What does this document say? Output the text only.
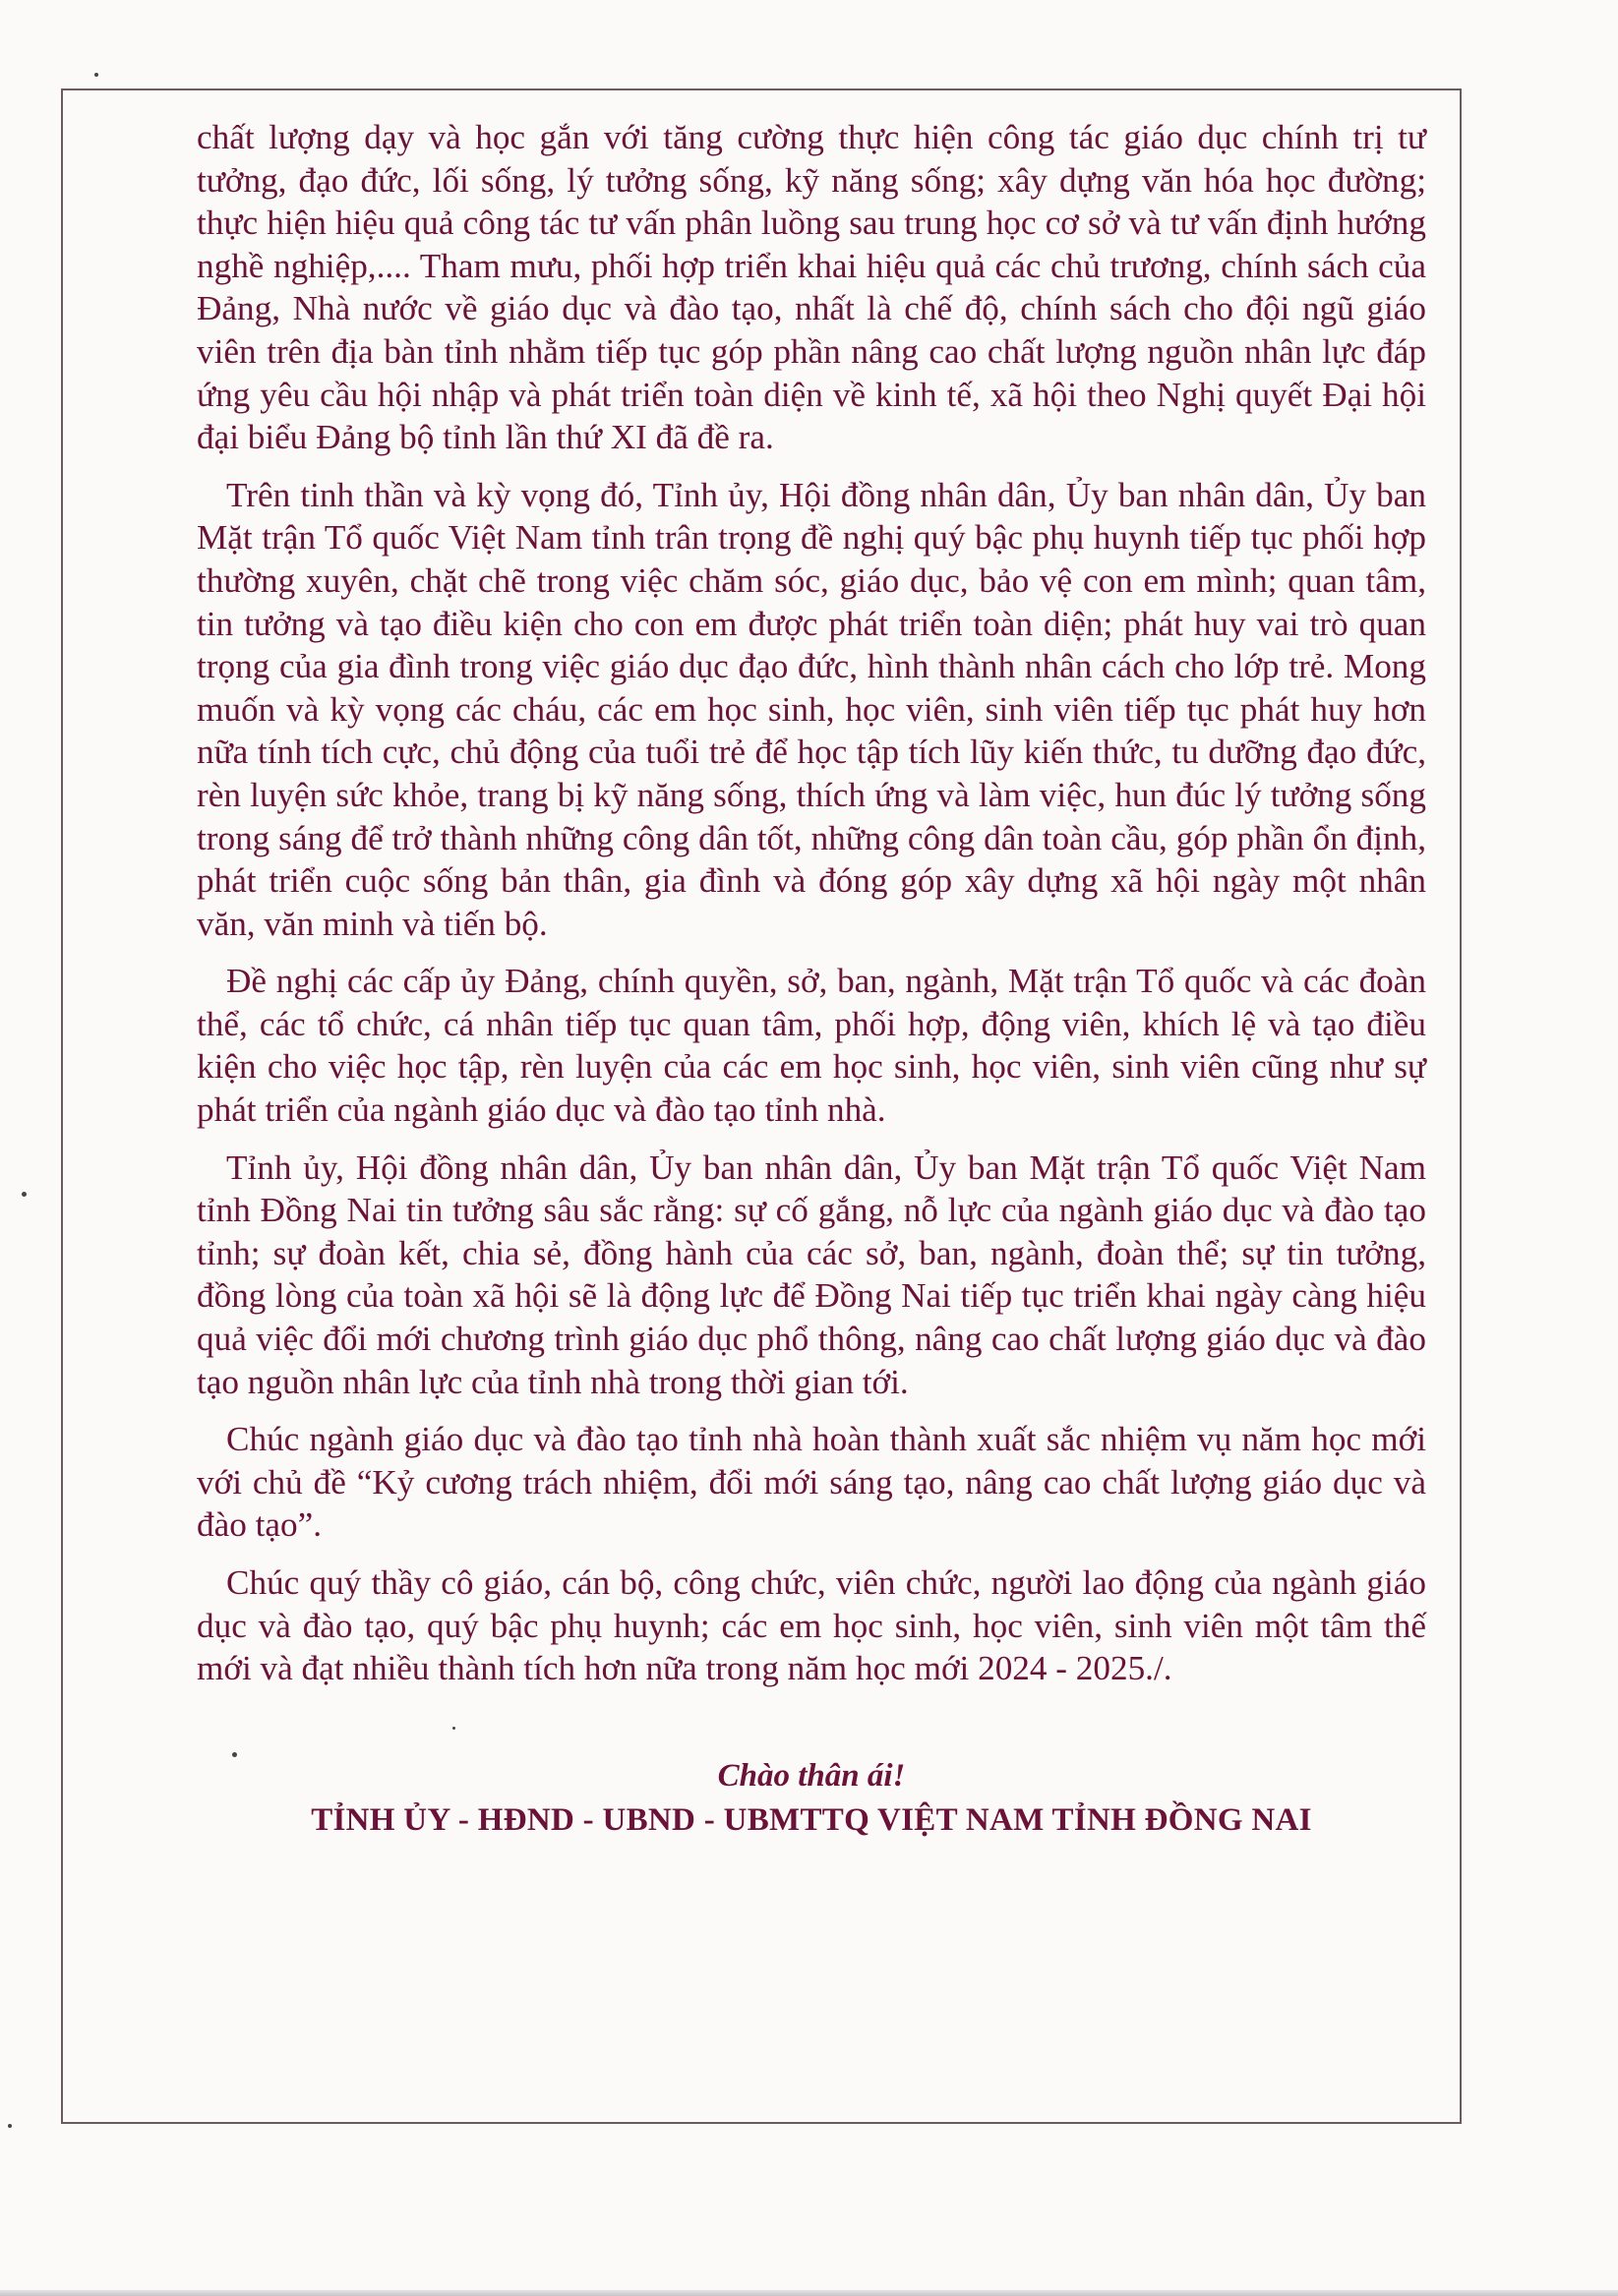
chất lượng dạy và học gắn với tăng cường thực hiện công tác giáo dục chính trị tư tưởng, đạo đức, lối sống, lý tưởng sống, kỹ năng sống; xây dựng văn hóa học đường; thực hiện hiệu quả công tác tư vấn phân luồng sau trung học cơ sở và tư vấn định hướng nghề nghiệp,.... Tham mưu, phối hợp triển khai hiệu quả các chủ trương, chính sách của Đảng, Nhà nước về giáo dục và đào tạo, nhất là chế độ, chính sách cho đội ngũ giáo viên trên địa bàn tỉnh nhằm tiếp tục góp phần nâng cao chất lượng nguồn nhân lực đáp ứng yêu cầu hội nhập và phát triển toàn diện về kinh tế, xã hội theo Nghị quyết Đại hội đại biểu Đảng bộ tỉnh lần thứ XI đã đề ra.

Trên tinh thần và kỳ vọng đó, Tỉnh ủy, Hội đồng nhân dân, Ủy ban nhân dân, Ủy ban Mặt trận Tổ quốc Việt Nam tỉnh trân trọng đề nghị quý bậc phụ huynh tiếp tục phối hợp thường xuyên, chặt chẽ trong việc chăm sóc, giáo dục, bảo vệ con em mình; quan tâm, tin tưởng và tạo điều kiện cho con em được phát triển toàn diện; phát huy vai trò quan trọng của gia đình trong việc giáo dục đạo đức, hình thành nhân cách cho lớp trẻ. Mong muốn và kỳ vọng các cháu, các em học sinh, học viên, sinh viên tiếp tục phát huy hơn nữa tính tích cực, chủ động của tuổi trẻ để học tập tích lũy kiến thức, tu dưỡng đạo đức, rèn luyện sức khỏe, trang bị kỹ năng sống, thích ứng và làm việc, hun đúc lý tưởng sống trong sáng để trở thành những công dân tốt, những công dân toàn cầu, góp phần ổn định, phát triển cuộc sống bản thân, gia đình và đóng góp xây dựng xã hội ngày một nhân văn, văn minh và tiến bộ.

Đề nghị các cấp ủy Đảng, chính quyền, sở, ban, ngành, Mặt trận Tổ quốc và các đoàn thể, các tổ chức, cá nhân tiếp tục quan tâm, phối hợp, động viên, khích lệ và tạo điều kiện cho việc học tập, rèn luyện của các em học sinh, học viên, sinh viên cũng như sự phát triển của ngành giáo dục và đào tạo tỉnh nhà.

Tỉnh ủy, Hội đồng nhân dân, Ủy ban nhân dân, Ủy ban Mặt trận Tổ quốc Việt Nam tỉnh Đồng Nai tin tưởng sâu sắc rằng: sự cố gắng, nỗ lực của ngành giáo dục và đào tạo tỉnh; sự đoàn kết, chia sẻ, đồng hành của các sở, ban, ngành, đoàn thể; sự tin tưởng, đồng lòng của toàn xã hội sẽ là động lực để Đồng Nai tiếp tục triển khai ngày càng hiệu quả việc đổi mới chương trình giáo dục phổ thông, nâng cao chất lượng giáo dục và đào tạo nguồn nhân lực của tỉnh nhà trong thời gian tới.

Chúc ngành giáo dục và đào tạo tỉnh nhà hoàn thành xuất sắc nhiệm vụ năm học mới với chủ đề “Kỷ cương trách nhiệm, đổi mới sáng tạo, nâng cao chất lượng giáo dục và đào tạo”.

Chúc quý thầy cô giáo, cán bộ, công chức, viên chức, người lao động của ngành giáo dục và đào tạo, quý bậc phụ huynh; các em học sinh, học viên, sinh viên một tâm thế mới và đạt nhiều thành tích hơn nữa trong năm học mới 2024 - 2025./.

Chào thân ái!
TỈNH ỦY - HĐND - UBND - UBMTTQ VIỆT NAM TỈNH ĐỒNG NAI
